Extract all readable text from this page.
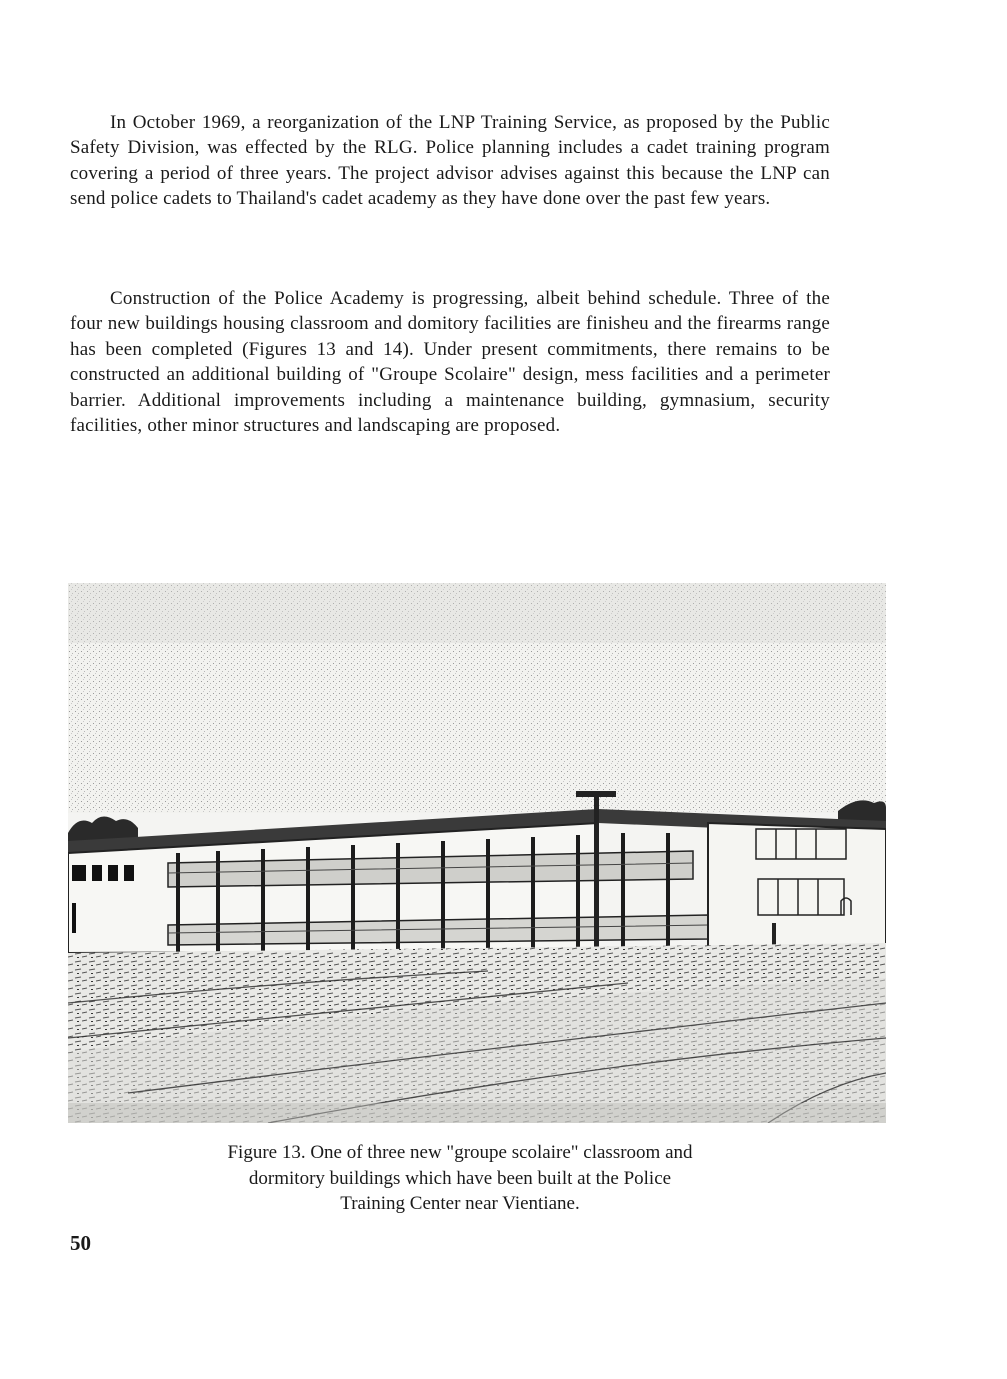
In October 1969, a reorganization of the LNP Training Service, as proposed by the Public Safety Division, was effected by the RLG. Police planning includes a cadet training program covering a period of three years. The project advisor advises against this because the LNP can send police cadets to Thailand's cadet academy as they have done over the past few years.

Construction of the Police Academy is progressing, albeit behind schedule. Three of the four new buildings housing classroom and domitory facilities are finisheu and the firearms range has been completed (Figures 13 and 14). Under present commitments, there remains to be constructed an additional building of "Groupe Scolaire" design, mess facilities and a perimeter barrier. Additional improvements including a maintenance building, gymnasium, security facilities, other minor structures and landscaping are proposed.

Figure 13. One of three new "groupe scolaire" classroom and
dormitory buildings which have been built at the Police
Training Center near Vientiane.

50
